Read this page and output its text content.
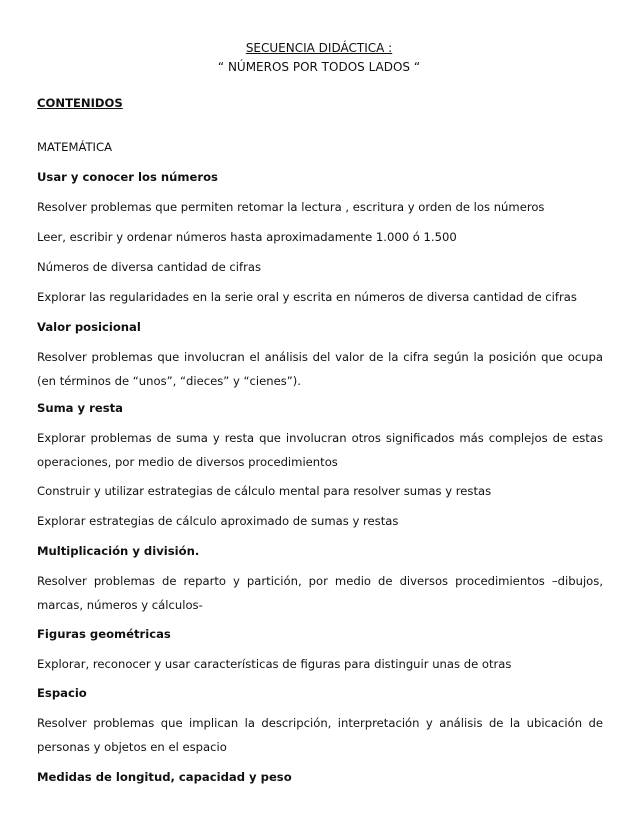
SECUENCIA DIDÁCTICA :
“ NÚMEROS POR TODOS LADOS “
CONTENIDOS
MATEMÁTICA
Usar y conocer los números
Resolver problemas que permiten retomar la lectura , escritura y orden de los números
Leer, escribir y ordenar números hasta aproximadamente 1.000 ó 1.500
Números de diversa cantidad de cifras
Explorar las regularidades en la serie oral y escrita en números de diversa cantidad de cifras
Valor posicional
Resolver problemas que involucran el análisis del valor de la cifra según la posición que ocupa (en términos de “unos”, “dieces” y “cienes”).
Suma y resta
Explorar problemas de suma y resta que involucran otros significados más complejos de estas operaciones, por medio de diversos procedimientos
Construir y utilizar estrategias de cálculo mental para resolver sumas y restas
Explorar estrategias de cálculo aproximado de sumas y restas
Multiplicación y división.
Resolver problemas de reparto y partición, por medio de diversos procedimientos –dibujos, marcas, números y cálculos-
Figuras geométricas
Explorar, reconocer y usar características de figuras para distinguir unas de otras
Espacio
Resolver problemas que implican la descripción, interpretación y análisis de la ubicación de personas y objetos en el espacio
Medidas de longitud, capacidad y peso
